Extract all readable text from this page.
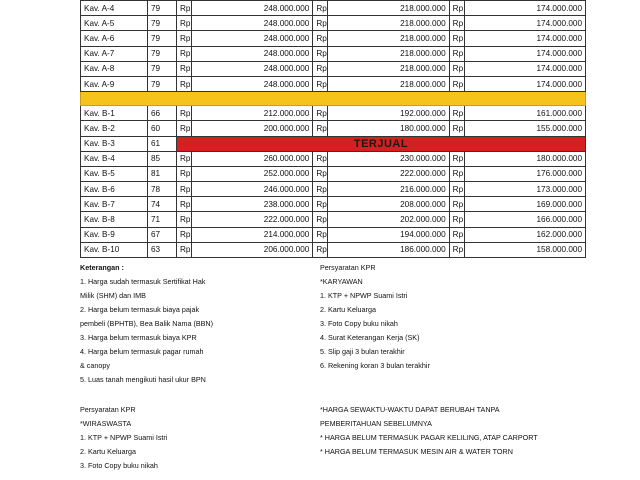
Kav. A-4	79	Rp	248.000.000	Rp	218.000.000	Rp	174.000.000
Kav. A-5	79	Rp	248.000.000	Rp	218.000.000	Rp	174.000.000
Kav. A-6	79	Rp	248.000.000	Rp	218.000.000	Rp	174.000.000
Kav. A-7	79	Rp	248.000.000	Rp	218.000.000	Rp	174.000.000
Kav. A-8	79	Rp	248.000.000	Rp	218.000.000	Rp	174.000.000
Kav. A-9	79	Rp	248.000.000	Rp	218.000.000	Rp	174.000.000

Kav. B-1	66	Rp	212.000.000	Rp	192.000.000	Rp	161.000.000
Kav. B-2	60	Rp	200.000.000	Rp	180.000.000	Rp	155.000.000
Kav. B-3	61	TERJUAL					
Kav. B-4	85	Rp	260.000.000	Rp	230.000.000	Rp	180.000.000
Kav. B-5	81	Rp	252.000.000	Rp	222.000.000	Rp	176.000.000
Kav. B-6	78	Rp	246.000.000	Rp	216.000.000	Rp	173.000.000
Kav. B-7	74	Rp	238.000.000	Rp	208.000.000	Rp	169.000.000
Kav. B-8	71	Rp	222.000.000	Rp	202.000.000	Rp	166.000.000
Kav. B-9	67	Rp	214.000.000	Rp	194.000.000	Rp	162.000.000
Kav. B-10	63	Rp	206.000.000	Rp	186.000.000	Rp	158.000.000
Keterangan :
1. Harga sudah termasuk Sertifikat Hak
Milik (SHM) dan IMB
2. Harga belum termasuk biaya pajak
pembeli (BPHTB), Bea Balik Nama (BBN)
3. Harga belum termasuk biaya KPR
4. Harga belum termasuk pagar rumah
& canopy
5. Luas tanah mengikuti hasil ukur BPN
Persyaratan KPR
*KARYAWAN
1. KTP + NPWP Suami Istri
2. Kartu Keluarga
3. Foto Copy buku nikah
4. Surat Keterangan Kerja (SK)
5. Slip gaji 3 bulan terakhir
6. Rekening koran 3 bulan terakhir
Persyaratan KPR
*WIRASWASTA
1. KTP + NPWP Suami Istri
2. Kartu Keluarga
3. Foto Copy buku nikah
*HARGA SEWAKTU-WAKTU DAPAT BERUBAH TANPA
PEMBERITAHUAN SEBELUMNYA
* HARGA BELUM TERMASUK PAGAR KELILING, ATAP CARPORT
* HARGA BELUM TERMASUK MESIN AIR & WATER TORN
